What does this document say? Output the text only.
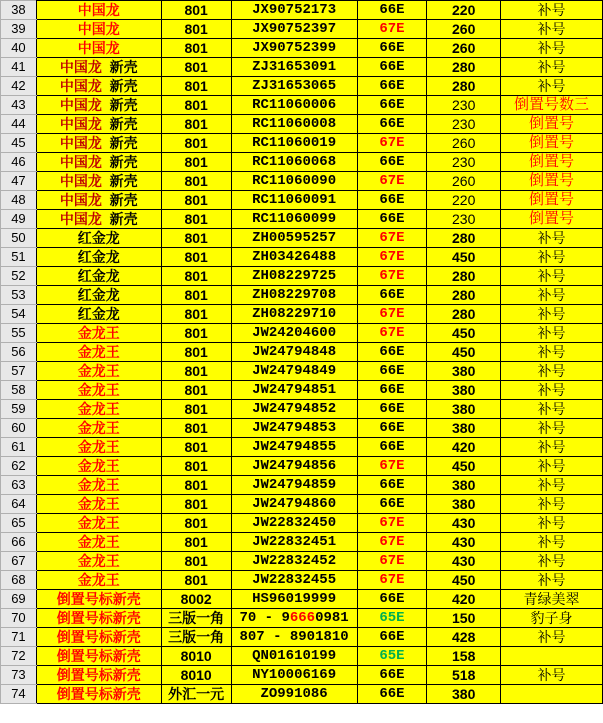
38	中国龙	801	JX90752173	66E	220	补号
39	中国龙	801	JX90752397	67E	260	补号
40	中国龙	801	JX90752399	66E	260	补号
41	中国龙 新壳	801	ZJ31653091	66E	280	补号
42	中国龙 新壳	801	ZJ31653065	66E	280	补号
43	中国龙 新壳	801	RC11060006	66E	230	倒置号数三
44	中国龙 新壳	801	RC11060008	66E	230	倒置号
45	中国龙 新壳	801	RC11060019	67E	260	倒置号
46	中国龙 新壳	801	RC11060068	66E	230	倒置号
47	中国龙 新壳	801	RC11060090	67E	260	倒置号
48	中国龙 新壳	801	RC11060091	66E	220	倒置号
49	中国龙 新壳	801	RC11060099	66E	230	倒置号
50	红金龙	801	ZH00595257	67E	280	补号
51	红金龙	801	ZH03426488	67E	450	补号
52	红金龙	801	ZH08229725	67E	280	补号
53	红金龙	801	ZH08229708	66E	280	补号
54	红金龙	801	ZH08229710	67E	280	补号
55	金龙王	801	JW24204600	67E	450	补号
56	金龙王	801	JW24794848	66E	450	补号
57	金龙王	801	JW24794849	66E	380	补号
58	金龙王	801	JW24794851	66E	380	补号
59	金龙王	801	JW24794852	66E	380	补号
60	金龙王	801	JW24794853	66E	380	补号
61	金龙王	801	JW24794855	66E	420	补号
62	金龙王	801	JW24794856	67E	450	补号
63	金龙王	801	JW24794859	66E	380	补号
64	金龙王	801	JW24794860	66E	380	补号
65	金龙王	801	JW22832450	67E	430	补号
66	金龙王	801	JW22832451	67E	430	补号
67	金龙王	801	JW22832452	67E	430	补号
68	金龙王	801	JW22832455	67E	450	补号
69	倒置号标新壳	8002	HS96019999	66E	420	青绿美翠
70	倒置号标新壳	三版一角	70 - 96660981	65E	150	豹子身
71	倒置号标新壳	三版一角	807 - 8901810	66E	428	补号
72	倒置号标新壳	8010	QN01610199	65E	158	
73	倒置号标新壳	8010	NY10006169	66E	518	补号
74	倒置号标新壳	外汇一元	ZO991086	66E	380	
